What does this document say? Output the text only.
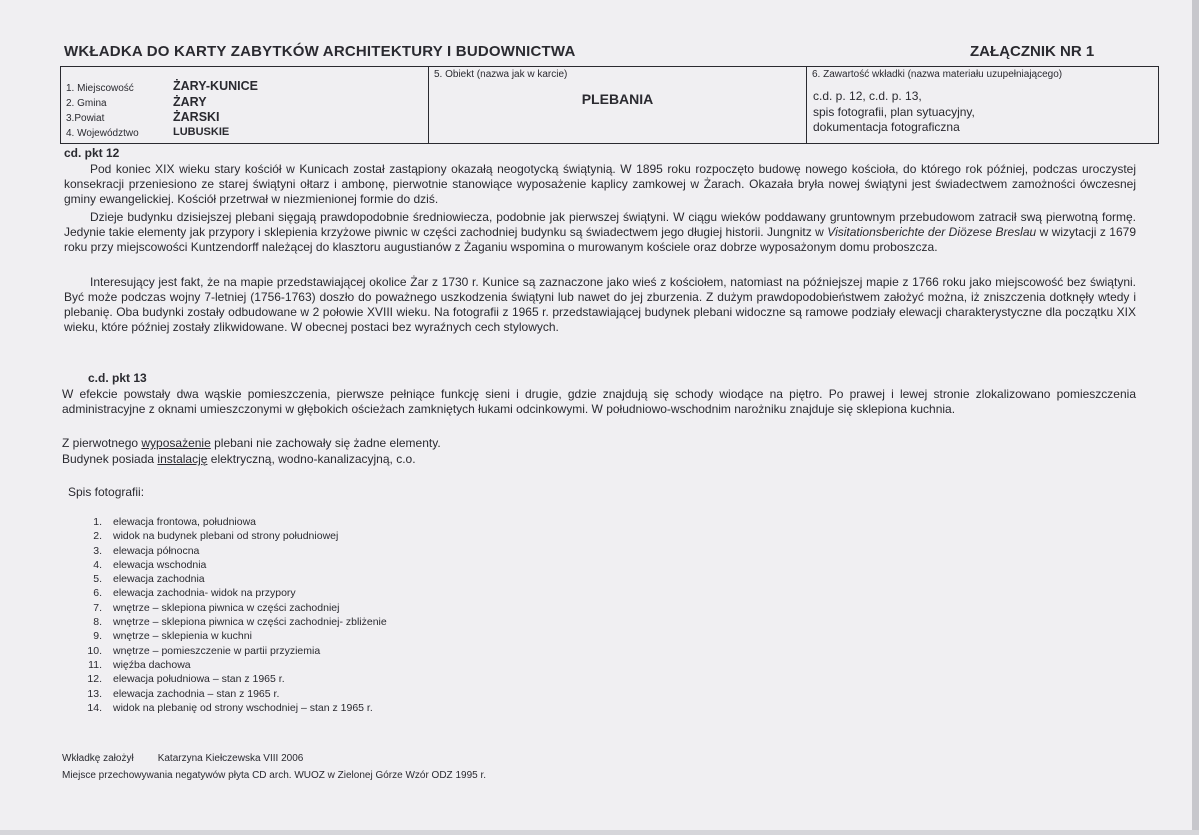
WKŁADKA DO KARTY ZABYTKÓW ARCHITEKTURY I BUDOWNICTWA	ZAŁĄCZNIK NR 1
1. Miejscowość	ŻARY-KUNICE
2. Gmina	ŻARY
3.Powiat	ŻARSKI
4. Województwo	LUBUSKIE
5. Obiekt (nazwa jak w karcie)
PLEBANIA
6. Zawartość wkładki (nazwa materiału uzupełniającego)
c.d. p. 12, c.d. p. 13,
spis fotografii, plan sytuacyjny,
dokumentacja fotograficzna
cd. pkt 12
Pod koniec XIX wieku stary kościół w Kunicach został zastąpiony okazałą neogotycką świątynią. W 1895 roku rozpoczęto budowę nowego kościoła, do którego rok później, podczas uroczystej konsekracji przeniesiono ze starej świątyni ołtarz i ambonę, pierwotnie stanowiące wyposażenie kaplicy zamkowej w Żarach. Okazała bryła nowej świątyni jest świadectwem zamożności ówczesnej gminy ewangelickiej. Kościół przetrwał w niezmienionej formie do dziś.
Dzieje budynku dzisiejszej plebani sięgają prawdopodobnie średniowiecza, podobnie jak pierwszej świątyni. W ciągu wieków poddawany gruntownym przebudowom zatracił swą pierwotną formę. Jedynie takie elementy jak przypory i sklepienia krzyżowe piwnic w części zachodniej budynku są świadectwem jego długiej historii. Jungnitz w Visitationsberichte der Diözese Breslau w wizytacji z 1679 roku przy miejscowości Kuntzendorff należącej do klasztoru augustianów z Żaganiu wspomina o murowanym kościele oraz dobrze wyposażonym domu proboszcza.
Interesujący jest fakt, że na mapie przedstawiającej okolice Żar z 1730 r. Kunice są zaznaczone jako wieś z kościołem, natomiast na późniejszej mapie z 1766 roku jako miejscowość bez świątyni. Być może podczas wojny 7-letniej (1756-1763) doszło do poważnego uszkodzenia świątyni lub nawet do jej zburzenia. Z dużym prawdopodobieństwem założyć można, iż zniszczenia dotknęły wtedy i plebanię. Oba budynki zostały odbudowane w 2 połowie XVIII wieku. Na fotografii z 1965 r. przedstawiającej budynek plebani widoczne są ramowe podziały elewacji charakterystyczne dla początku XIX wieku, które później zostały zlikwidowane. W obecnej postaci bez wyraźnych cech stylowych.
c.d. pkt 13
W efekcie powstały dwa wąskie pomieszczenia, pierwsze pełniące funkcję sieni i drugie, gdzie znajdują się schody wiodące na piętro. Po prawej i lewej stronie zlokalizowano pomieszczenia administracyjne z oknami umieszczonymi w głębokich ościeżach zamkniętych łukami odcinkowymi. W południowo-wschodnim narożniku znajduje się sklepiona kuchnia.
Z pierwotnego wyposażenie plebani nie zachowały się żadne elementy.
Budynek posiada instalację elektryczną, wodno-kanalizacyjną, c.o.
Spis fotografii:
1. elewacja frontowa, południowa
2. widok na budynek plebani od strony południowej
3. elewacja północna
4. elewacja wschodnia
5. elewacja zachodnia
6. elewacja zachodnia- widok na przypory
7. wnętrze – sklepiona piwnica w części zachodniej
8. wnętrze – sklepiona piwnica w części zachodniej- zbliżenie
9. wnętrze – sklepienia w kuchni
10. wnętrze – pomieszczenie w partii przyziemia
11. więźba dachowa
12. elewacja południowa – stan z 1965 r.
13. elewacja zachodnia – stan z 1965 r.
14. widok na plebanię od strony wschodniej – stan z 1965 r.
Wkładkę założył Katarzyna Kiełczewska VIII 2006
Miejsce przechowywania negatywów płyta CD arch. WUOZ w Zielonej Górze Wzór ODZ 1995 r.
